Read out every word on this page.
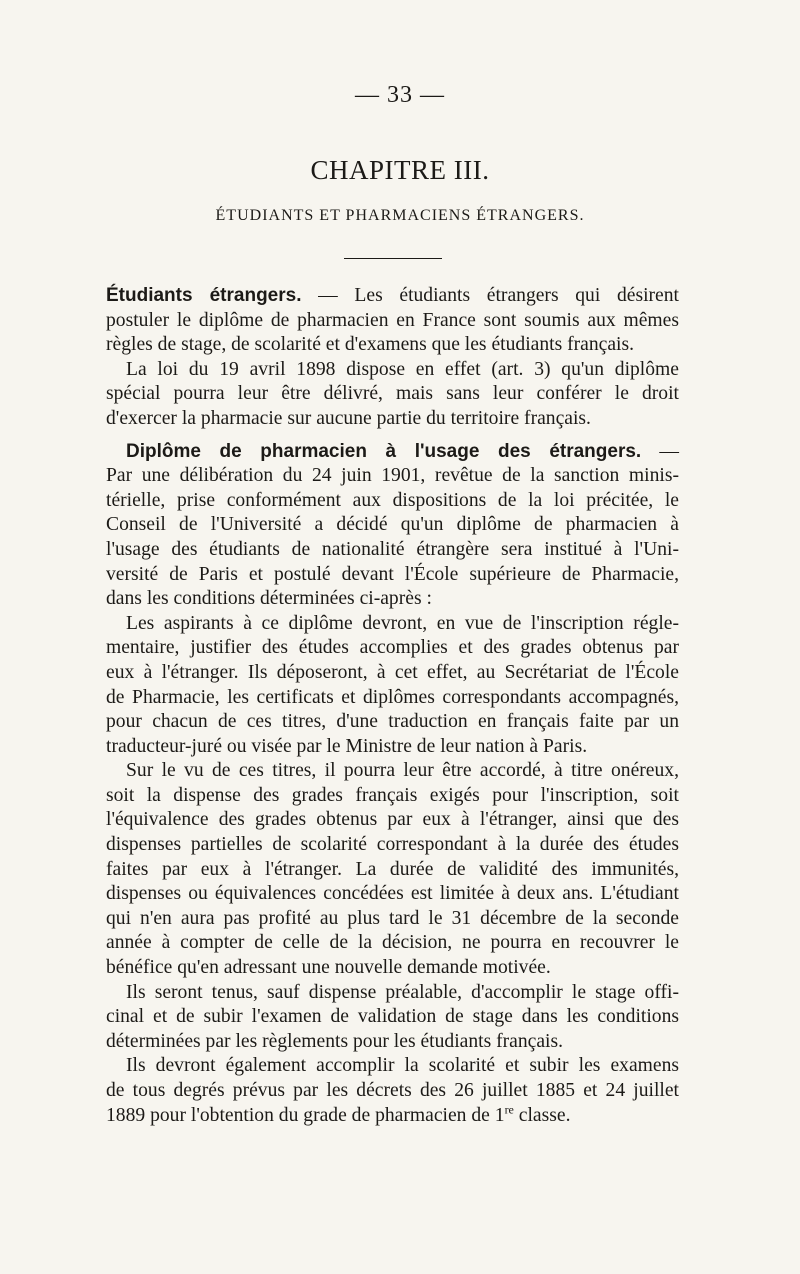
— 33 —
CHAPITRE III.
ÉTUDIANTS ET PHARMACIENS ÉTRANGERS.
Étudiants étrangers. — Les étudiants étrangers qui désirent
postuler le diplôme de pharmacien en France sont soumis aux mêmes
règles de stage, de scolarité et d'examens que les étudiants français.
La loi du 19 avril 1898 dispose en effet (art. 3) qu'un diplôme
spécial pourra leur être délivré, mais sans leur conférer le droit
d'exercer la pharmacie sur aucune partie du territoire français.
Diplôme de pharmacien à l'usage des étrangers. —
Par une délibération du 24 juin 1901, revêtue de la sanction minis-
térielle, prise conformément aux dispositions de la loi précitée, le
Conseil de l'Université a décidé qu'un diplôme de pharmacien à
l'usage des étudiants de nationalité étrangère sera institué à l'Uni-
versité de Paris et postulé devant l'École supérieure de Pharmacie,
dans les conditions déterminées ci-après :
Les aspirants à ce diplôme devront, en vue de l'inscription régle-
mentaire, justifier des études accomplies et des grades obtenus par
eux à l'étranger. Ils déposeront, à cet effet, au Secrétariat de l'École
de Pharmacie, les certificats et diplômes correspondants accompagnés,
pour chacun de ces titres, d'une traduction en français faite par un
traducteur-juré ou visée par le Ministre de leur nation à Paris.
Sur le vu de ces titres, il pourra leur être accordé, à titre onéreux,
soit la dispense des grades français exigés pour l'inscription, soit
l'équivalence des grades obtenus par eux à l'étranger, ainsi que des
dispenses partielles de scolarité correspondant à la durée des études
faites par eux à l'étranger. La durée de validité des immunités,
dispenses ou équivalences concédées est limitée à deux ans. L'étudiant
qui n'en aura pas profité au plus tard le 31 décembre de la seconde
année à compter de celle de la décision, ne pourra en recouvrer le
bénéfice qu'en adressant une nouvelle demande motivée.
Ils seront tenus, sauf dispense préalable, d'accomplir le stage offi-
cinal et de subir l'examen de validation de stage dans les conditions
déterminées par les règlements pour les étudiants français.
Ils devront également accomplir la scolarité et subir les examens
de tous degrés prévus par les décrets des 26 juillet 1885 et 24 juillet
1889 pour l'obtention du grade de pharmacien de 1re classe.
